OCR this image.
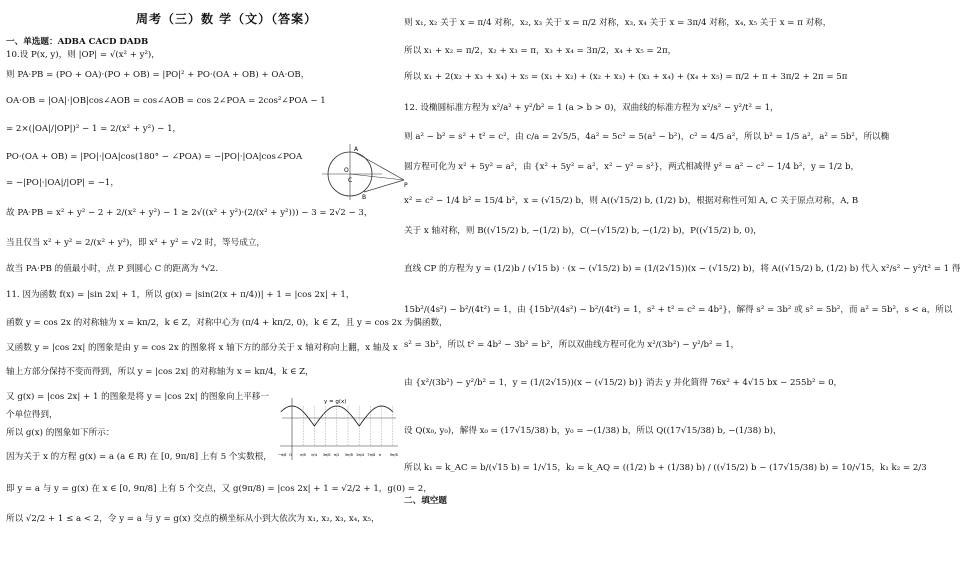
周考（三）数 学（文）（答案）
一、单选题：ADBA CACD DADB
10.设 P(x, y)，则 |OP| = √(x² + y²)，
则 PA·PB = (PO + OA)·(PO + OB) = |PO|² + PO·(OA + OB) + OA·OB，
OA·OB = |OA|·|OB|cos∠AOB = cos∠AOB = cos 2∠POA = 2cos²∠POA − 1
= 2×(|OA|/|OP|)² − 1 = 2/(x² + y²) − 1，
PO·(OA + OB) = |PO|·|OA|cos(180° − ∠POA) = −|PO|·|OA|cos∠POA
= −|PO|·|OA|/|OP| = −1，
故 PA·PB = x² + y² − 2 + 2/(x² + y²) − 1 ≥ 2√((x² + y²)·(2/(x² + y²))) − 3 = 2√2 − 3，
当且仅当 x² + y² = 2/(x² + y²)，即 x² + y² = √2 时，等号成立，
故当 PA·PB 的值最小时，点 P 到圆心 C 的距离为 ⁴√2.
11. 因为函数 f(x) = |sin 2x| + 1，所以 g(x) = |sin(2(x + π/4))| + 1 = |cos 2x| + 1，
函数 y = cos 2x 的对称轴为 x = kπ/2，k ∈ Z，对称中心为 (π/4 + kπ/2, 0)，k ∈ Z，且 y = cos 2x 为偶函数，
又函数 y = |cos 2x| 的图象是由 y = cos 2x 的图象将 x 轴下方的部分关于 x 轴对称向上翻，x 轴及 x
轴上方部分保持不变而得到，所以 y = |cos 2x| 的对称轴为 x = kπ/4，k ∈ Z，
又 g(x) = |cos 2x| + 1 的图象是将 y = |cos 2x| 的图象向上平移一
个单位得到，
所以 g(x) 的图象如下所示：
因为关于 x 的方程 g(x) = a (a ∈ R) 在 [0, 9π/8] 上有 5 个实数根，
即 y = a 与 y = g(x) 在 x ∈ [0, 9π/8] 上有 5 个交点，又 g(9π/8) = |cos 2x| + 1 = √2/2 + 1，g(0) = 2，
所以 √2/2 + 1 ≤ a < 2，令 y = a 与 y = g(x) 交点的横坐标从小到大依次为 x₁, x₂, x₃, x₄, x₅，
A
B
P
C
O
y = g(x)
−π/8 O π/8 π/4 3π/8 π/2 5π/8 3π/4 7π/8 π	9π/8
则 x₁, x₂ 关于 x = π/4 对称，x₂, x₃ 关于 x = π/2 对称，x₃, x₄ 关于 x = 3π/4 对称，x₄, x₅ 关于 x = π 对称，
所以 x₁ + x₂ = π/2，x₂ + x₃ = π，x₃ + x₄ = 3π/2，x₄ + x₅ = 2π，
所以 x₁ + 2(x₂ + x₃ + x₄) + x₅ = (x₁ + x₂) + (x₂ + x₃) + (x₃ + x₄) + (x₄ + x₅) = π/2 + π + 3π/2 + 2π = 5π
12. 设椭圆标准方程为 x²/a² + y²/b² = 1 (a > b > 0)，双曲线的标准方程为 x²/s² − y²/t² = 1，
则 a² − b² = s² + t² = c²，由 c/a = 2√5/5，4a² = 5c² = 5(a² − b²)，c² = 4/5 a²，所以 b² = 1/5 a²，a² = 5b²，所以椭
圆方程可化为 x² + 5y² = a²，由 {x² + 5y² = a²，x² − y² = s²}，两式相减得 y² = a² − c² − 1/4 b²，y = 1/2 b，
x² = c² − 1/4 b² = 15/4 b²，x = (√15/2) b，则 A((√15/2) b, (1/2) b)，根据对称性可知 A, C 关于原点对称，A, B
关于 x 轴对称，则 B((√15/2) b, −(1/2) b)，C(−(√15/2) b, −(1/2) b)，P((√15/2) b, 0)，
直线 CP 的方程为 y = (1/2)b / (√15 b) · (x − (√15/2) b) = (1/(2√15))(x − (√15/2) b)，将 A((√15/2) b, (1/2) b) 代入 x²/s² − y²/t² = 1 得
15b²/(4s²) − b²/(4t²) = 1，由 {15b²/(4s²) − b²/(4t²) = 1，s² + t² = c² = 4b²}，解得 s² = 3b² 或 s² = 5b²，而 a² = 5b²，s < a，所以
s² = 3b²，所以 t² = 4b² − 3b² = b²，所以双曲线方程可化为 x²/(3b²) − y²/b² = 1，
由 {x²/(3b²) − y²/b² = 1，y = (1/(2√15))(x − (√15/2) b)} 消去 y 并化简得 76x² + 4√15 bx − 255b² = 0，
设 Q(x₀, y₀)，解得 x₀ = (17√15/38) b，y₀ = −(1/38) b，所以 Q((17√15/38) b, −(1/38) b)，
所以 k₁ = k_AC = b/(√15 b) = 1/√15，k₂ = k_AQ = ((1/2) b + (1/38) b) / ((√15/2) b − (17√15/38) b) = 10/√15，k₁ k₂ = 2/3
二、填空题
